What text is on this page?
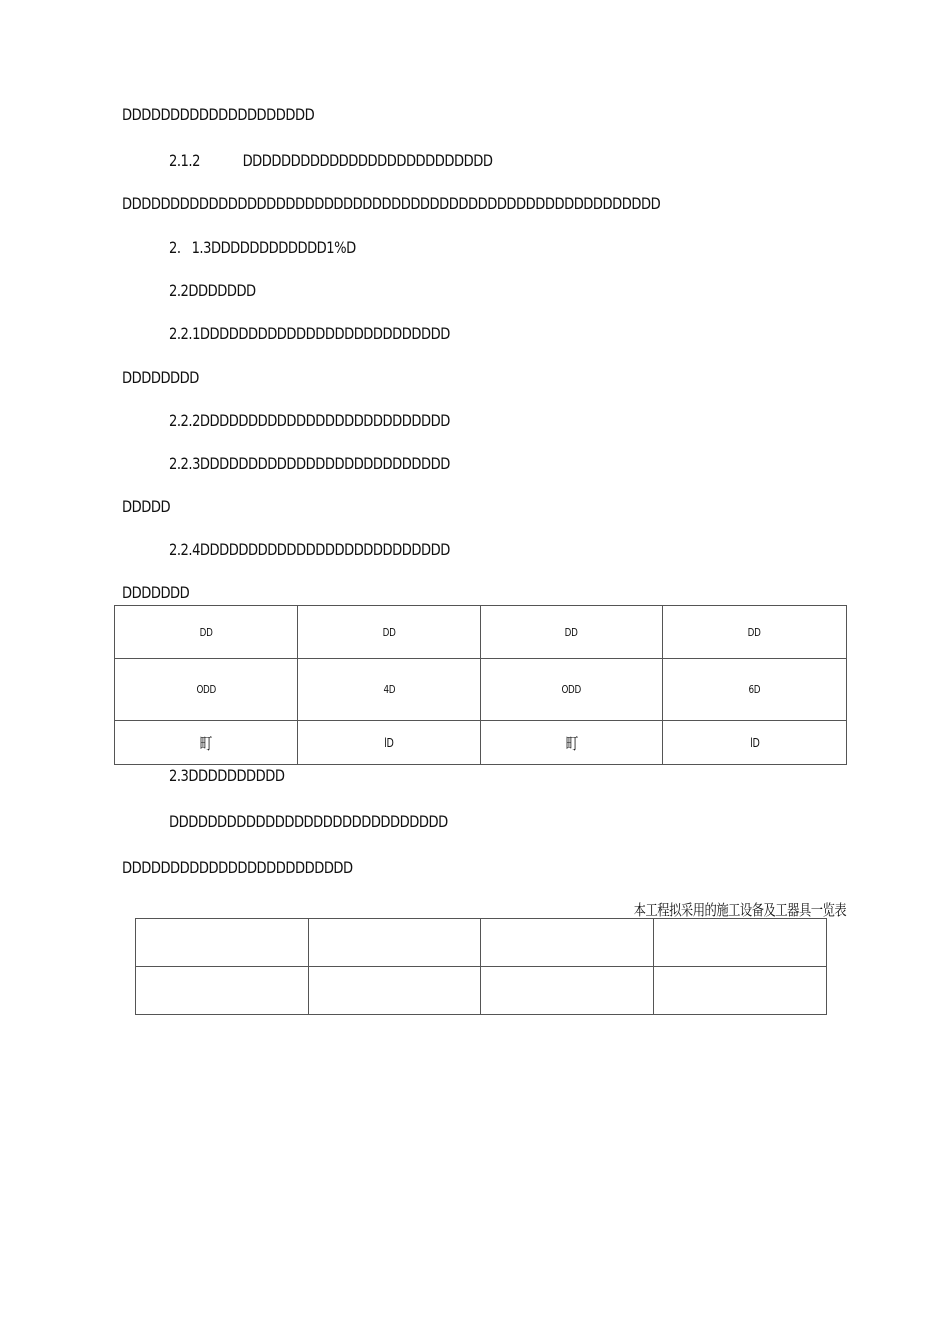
DDDDDDDDDDDDDDDDDDDD
2.1.2	DDDDDDDDDDDDDDDDDDDDDDDDDD
DDDDDDDDDDDDDDDDDDDDDDDDDDDDDDDDDDDDDDDDDDDDDDDDDDDDDDDD
2.   1.3DDDDDDDDDDDD1%D
2.2DDDDDDD
2.2.1DDDDDDDDDDDDDDDDDDDDDDDDDD
DDDDDDDD
2.2.2DDDDDDDDDDDDDDDDDDDDDDDDDD
2.2.3DDDDDDDDDDDDDDDDDDDDDDDDDD
DDDDD
2.2.4DDDDDDDDDDDDDDDDDDDDDDDDDD
DDDDDDD
DD	DD	DD	DD
ODD	4D	ODD	6D
町	lD	町	lD
2.3DDDDDDDDDD
DDDDDDDDDDDDDDDDDDDDDDDDDDDDD
DDDDDDDDDDDDDDDDDDDDDDDD
本工程拟采用的施工设备及工器具一览表
